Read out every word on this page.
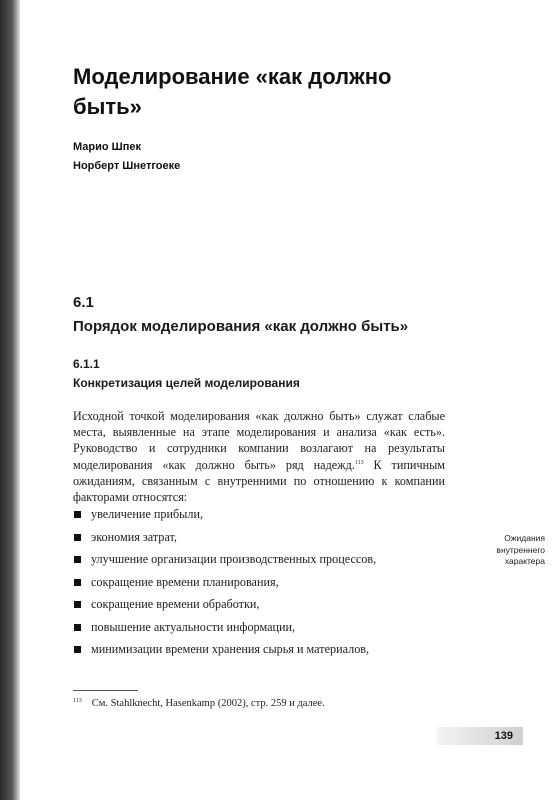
Моделирование «как должно быть»
Марио Шпек
Норберт Шнетгоеке
6.1
Порядок моделирования «как должно быть»
6.1.1
Конкретизация целей моделирования
Исходной точкой моделирования «как должно быть» служат слабые места, выявленные на этапе моделирования и анализа «как есть». Руководство и сотрудники компании возлагают на результаты моделирования «как должно быть» ряд надежд.$^{113}$ К типичным ожиданиям, связанным с внутренними по отношению к компании факторами относятся:
увеличение прибыли,
экономия затрат,
улучшение организации производственных процессов,
сокращение времени планирования,
сокращение времени обработки,
повышение актуальности информации,
минимизации времени хранения сырья и материалов,
Ожидания внутреннего характера
$^{113}$ См. Stahlknecht, Hasenkamp (2002), стр. 259 и далее.
139
